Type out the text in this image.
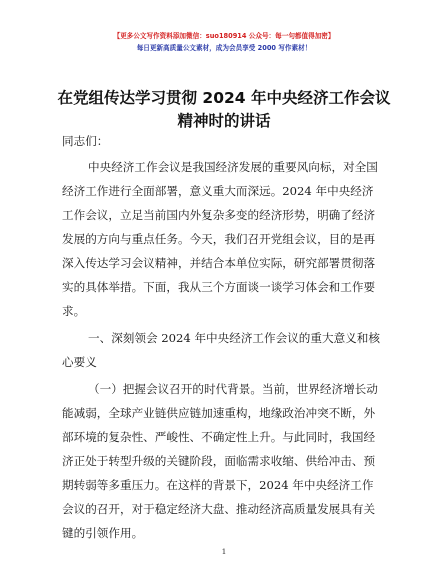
【更多公文写作资料添加微信：suo180914 公众号：每一句都值得加密】
每日更新高质量公文素材，成为会员享受 2000 写作素材！
在党组传达学习贯彻 2024 年中央经济工作会议
精神时的讲话
同志们：
中央经济工作会议是我国经济发展的重要风向标，对全国
经济工作进行全面部署，意义重大而深远。2024 年中央经济
工作会议，立足当前国内外复杂多变的经济形势，明确了经济
发展的方向与重点任务。今天，我们召开党组会议，目的是再
深入传达学习会议精神，并结合本单位实际，研究部署贯彻落
实的具体举措。下面，我从三个方面谈一谈学习体会和工作要
求。
一、深刻领会 2024 年中央经济工作会议的重大意义和核
心要义
（一）把握会议召开的时代背景。当前，世界经济增长动
能减弱，全球产业链供应链加速重构，地缘政治冲突不断，外
部环境的复杂性、严峻性、不确定性上升。与此同时，我国经
济正处于转型升级的关键阶段，面临需求收缩、供给冲击、预
期转弱等多重压力。在这样的背景下，2024 年中央经济工作
会议的召开，对于稳定经济大盘、推动经济高质量发展具有关
键的引领作用。
1
